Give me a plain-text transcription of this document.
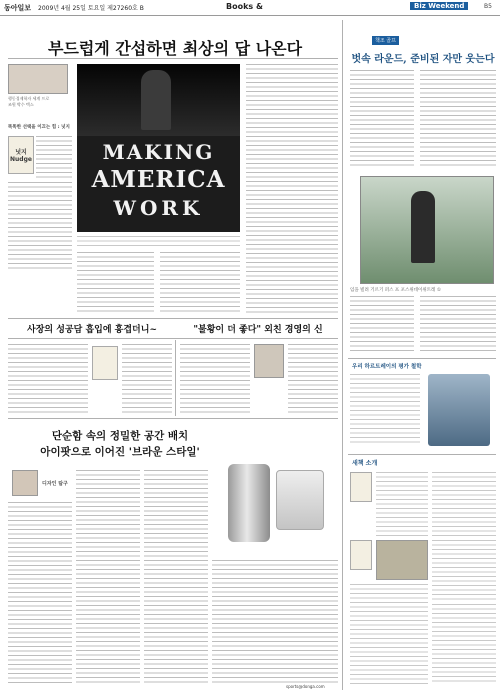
동아일보 2009년 4월 25일 토요일 제27260호 B	Books &	Biz Weekend	B5
부드럽게 간섭하면 최상의 답 나온다
행동경제학자 세계 프로
조원 박수 텍스
넛지 Nudge
똑똑한 선택을 이끄는 힘 : 넛지
MAKING
AMERICA
WORK
사장의 성공담 흡입에 흥겹더니~	"불황이 더 좋다" 외친 경영의 신
단순함 속의 정밀한 공간 배치
아이팟으로 이어진 '브라운 스타일'
디자인 탐구
책조 골프
벗속 라운드, 준비된 자만 웃는다
임을 빌려 기르기 퍼스 프 포스위데이위트레 ①
우리 하르트레이의 평가 철학
새책 소개
sports@donga.com
